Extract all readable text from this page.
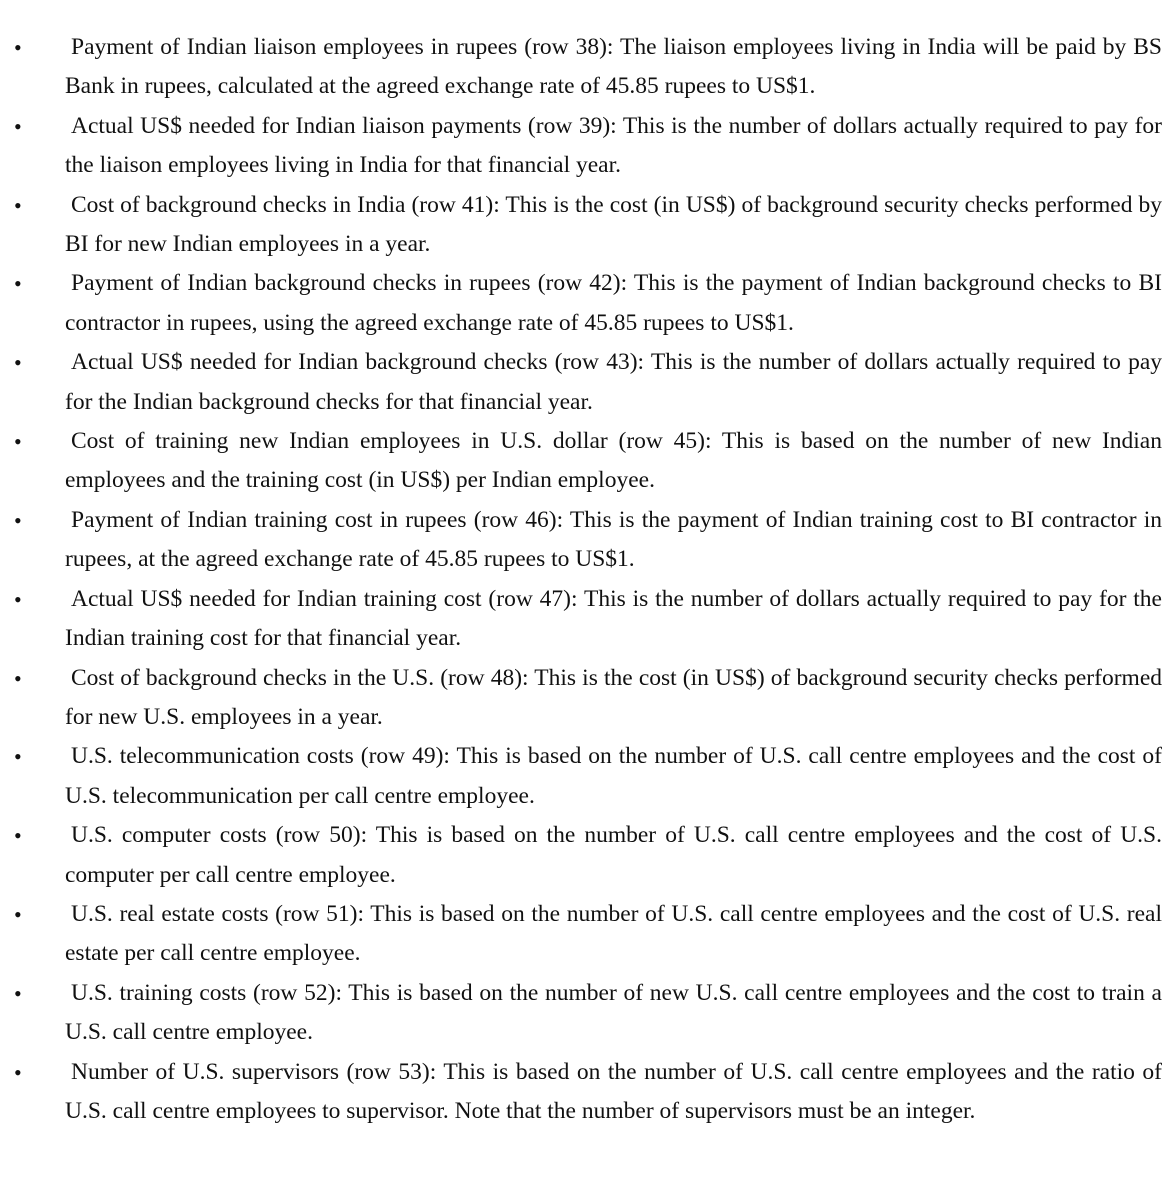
•	Payment of Indian liaison employees in rupees (row 38): The liaison employees living in India will be paid by BS Bank in rupees, calculated at the agreed exchange rate of 45.85 rupees to US$1.
•	Actual US$ needed for Indian liaison payments (row 39): This is the number of dollars actually required to pay for the liaison employees living in India for that financial year.
•	Cost of background checks in India (row 41): This is the cost (in US$) of background security checks performed by BI for new Indian employees in a year.
•	Payment of Indian background checks in rupees (row 42): This is the payment of Indian background checks to BI contractor in rupees, using the agreed exchange rate of 45.85 rupees to US$1.
•	Actual US$ needed for Indian background checks (row 43): This is the number of dollars actually required to pay for the Indian background checks for that financial year.
•	Cost of training new Indian employees in U.S. dollar (row 45): This is based on the number of new Indian employees and the training cost (in US$) per Indian employee.
•	Payment of Indian training cost in rupees (row 46): This is the payment of Indian training cost to BI contractor in rupees, at the agreed exchange rate of 45.85 rupees to US$1.
•	Actual US$ needed for Indian training cost (row 47): This is the number of dollars actually required to pay for the Indian training cost for that financial year.
•	Cost of background checks in the U.S. (row 48): This is the cost (in US$) of background security checks performed for new U.S. employees in a year.
•	U.S. telecommunication costs (row 49): This is based on the number of U.S. call centre employees and the cost of U.S. telecommunication per call centre employee.
•	U.S. computer costs (row 50): This is based on the number of U.S. call centre employees and the cost of U.S. computer per call centre employee.
•	U.S. real estate costs (row 51): This is based on the number of U.S. call centre employees and the cost of U.S. real estate per call centre employee.
•	U.S. training costs (row 52): This is based on the number of new U.S. call centre employees and the cost to train a U.S. call centre employee.
•	Number of U.S. supervisors (row 53): This is based on the number of U.S. call centre employees and the ratio of U.S. call centre employees to supervisor. Note that the number of supervisors must be an integer.
